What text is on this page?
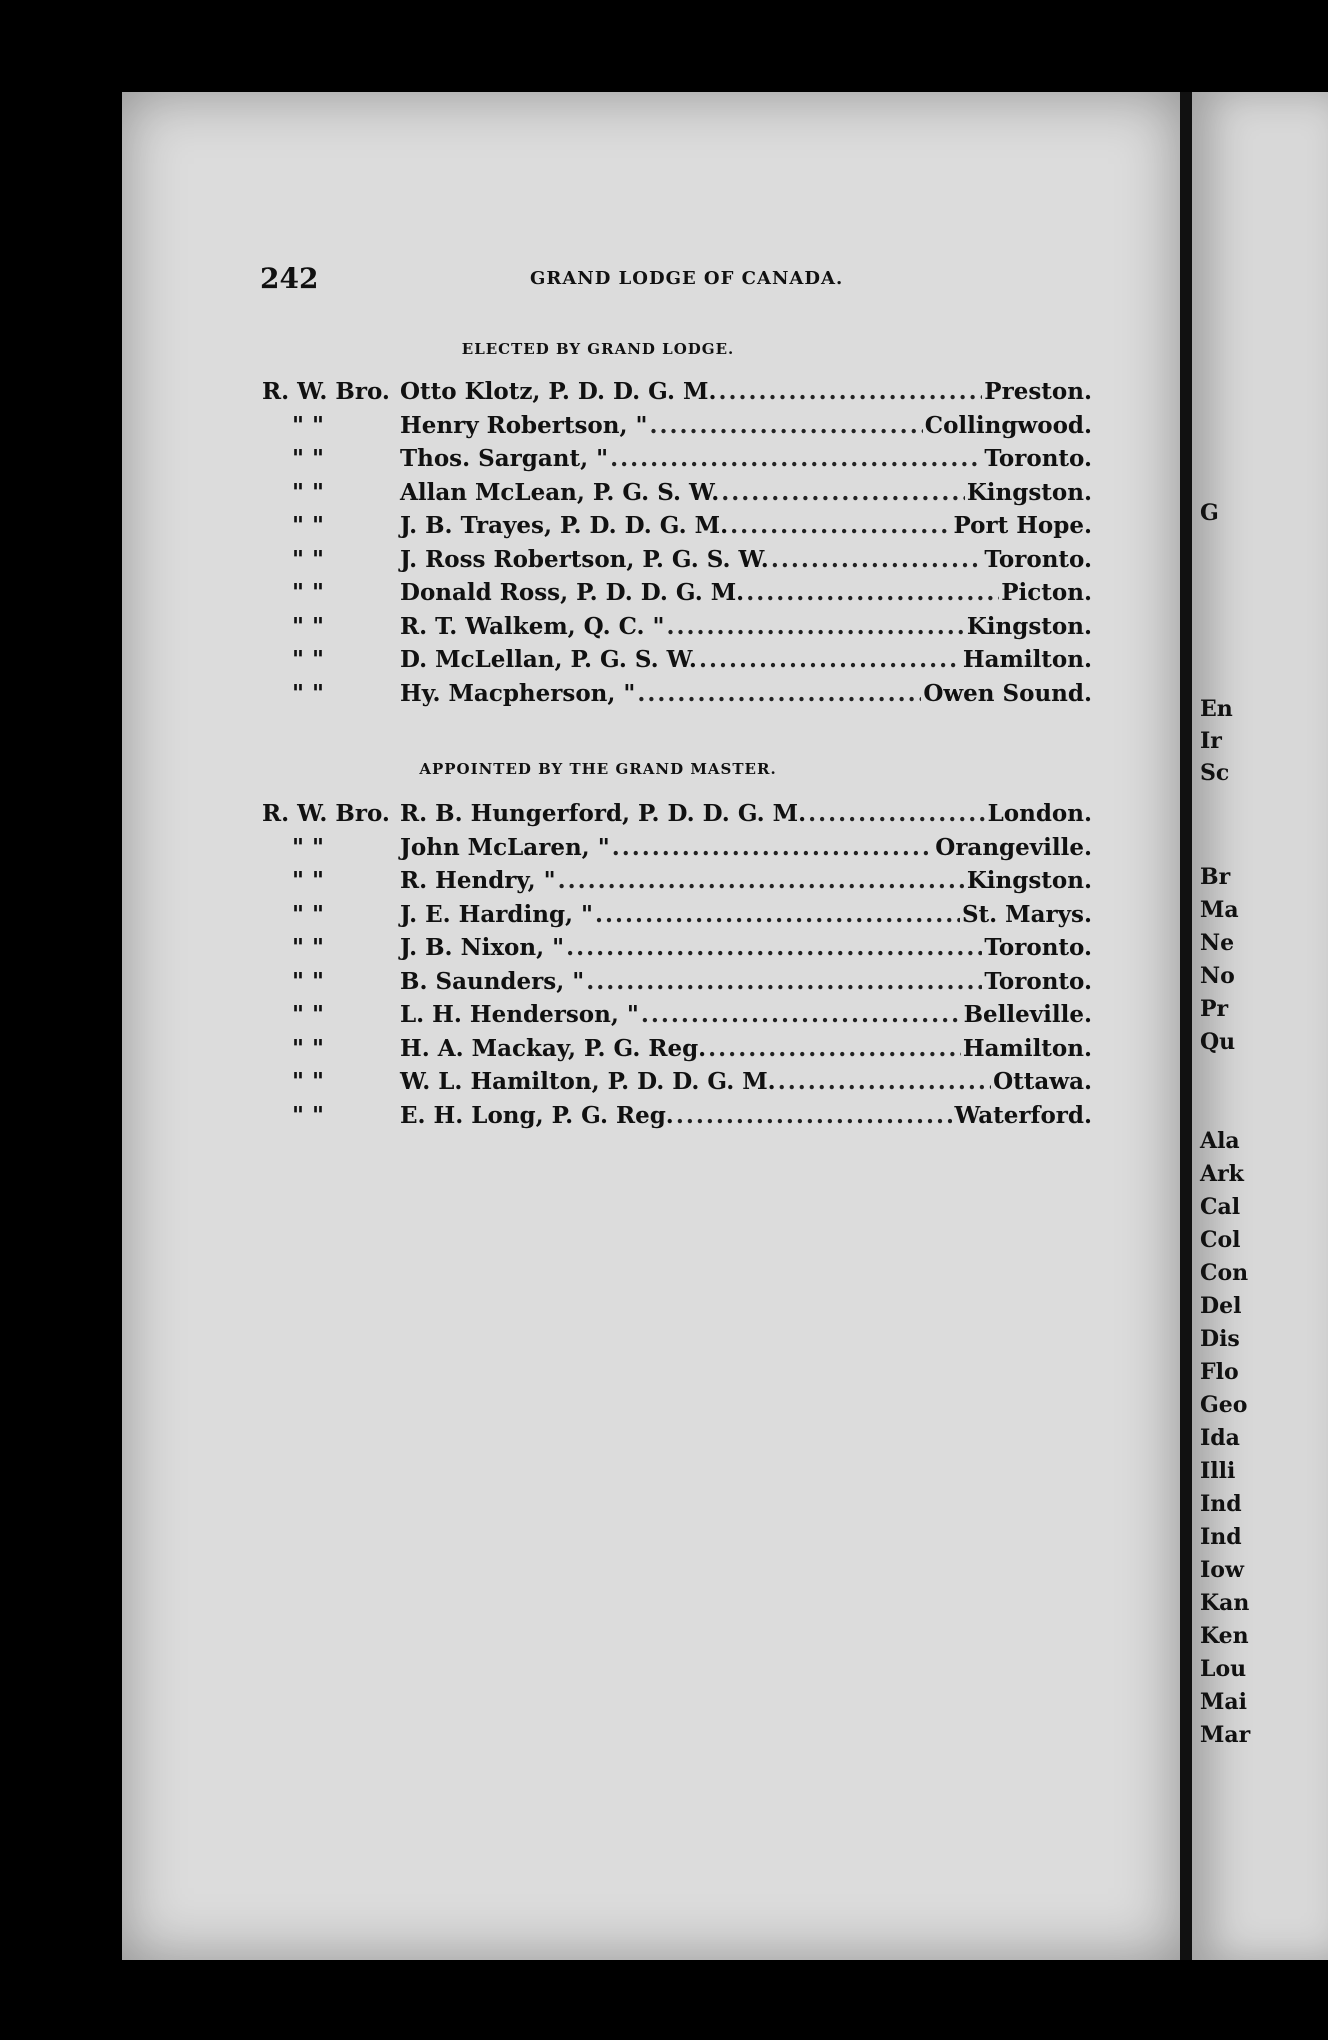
G
En
Ir
Sc
Br
Ma
Ne
No
Pr
Qu
Ala
Ark
Cal
Col
Con
Del
Dis
Flo
Geo
Ida
Illi
Ind
Ind
Iow
Kan
Ken
Lou
Mai
Mar
242	GRAND LODGE OF CANADA.
ELECTED BY GRAND LODGE.
R. W. Bro. Otto Klotz, P. D. D. G. M. .....	Preston.
" "	Henry Robertson, " .....	Collingwood.
" "	Thos. Sargant, " .....	Toronto.
" "	Allan McLean, P. G. S. W. .....	Kingston.
" "	J. B. Trayes, P. D. D. G. M. .....	Port Hope.
" "	J. Ross Robertson, P. G. S. W. .....	Toronto.
" "	Donald Ross, P. D. D. G. M. .....	Picton.
" "	R. T. Walkem, Q. C. " .....	Kingston.
" "	D. McLellan, P. G. S. W. .....	Hamilton.
" "	Hy. Macpherson, " .....	Owen Sound.
APPOINTED BY THE GRAND MASTER.
R. W. Bro. R. B. Hungerford, P. D. D. G. M. .....	London.
" "	John McLaren, " .....	Orangeville.
" "	R. Hendry, " .....	Kingston.
" "	J. E. Harding, " .....	St. Marys.
" "	J. B. Nixon, " .....	Toronto.
" "	B. Saunders, " .....	Toronto.
" "	L. H. Henderson, " .....	Belleville.
" "	H. A. Mackay, P. G. Reg. .....	Hamilton.
" "	W. L. Hamilton, P. D. D. G. M. .....	Ottawa.
" "	E. H. Long, P. G. Reg. .....	Waterford.
